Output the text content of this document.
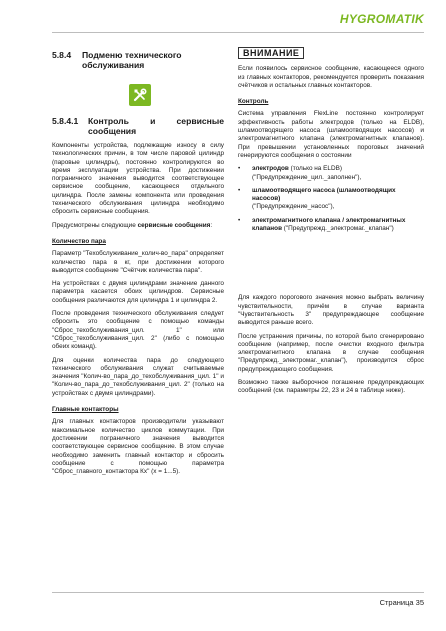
HYGROMATIK
5.8.4	Подменю технического обслуживания
5.8.4.1	Контроль и сервисные сообщения

Компоненты устройства, подлежащие износу в силу технологических причин, в том числе паровой цилиндр (паровые цилиндры), постоянно контролируются во время эксплуатации устройства. При достижении пограничного значения выводится соответствующее сервисное сообщение, касающееся отдельного цилиндра. После замены компонента или проведения технического обслуживания цилиндра необходимо сбросить сервисные сообщения.

Предусмотрены следующие сервисные сообщения:

Количество пара

Параметр "Техобслуживание_колич-во_пара" определяет количество пара в кг, при достижении которого выводится сообщение "Счётчик количества пара".

На устройствах с двумя цилиндрами значение данного параметра касается обоих цилиндров. Сервисные сообщения различаются для цилиндра 1 и цилиндра 2.

После проведения технического обслуживания следует сбросить это сообщение с помощью команды "Сброс_техобслуживания_цил. 1" или "Сброс_техобслуживания_цил. 2" (либо с помощью обеих команд).

Для оценки количества пара до следующего технического обслуживания служат считываемые значения "Колич-во_пара_до_техобслуживания_цил. 1" и "Колич-во_пара_до_техобслуживания_цил. 2" (только на устройствах с двумя цилиндрами).

Главные контакторы

Для главных контакторов производители указывают максимальное количество циклов коммутации. При достижении пограничного значения выводится соответствующее сервисное сообщение. В этом случае необходимо заменить главный контактор и сбросить сообщение с помощью параметра "Сброс_главного_контактора Кх" (х = 1...5).

ВНИМАНИЕ

Если появилось сервисное сообщение, касающееся одного из главных контакторов, рекомендуется проверить показания счётчиков и остальных главных контакторов.

Контроль

Система управления FlexLine постоянно контролирует эффективность работы электродов (только на ELDB), шламоотводящего насоса (шламоотводящих насосов) и электромагнитного клапана (электромагнитных клапанов). При превышении установленных пороговых значений генерируются сообщения о состоянии

• электродов (только на ELDB)
("Предупреждение_цил._заполнен"),
• шламоотводящего насоса (шламоотводящих насосов)
("Предупреждение_насос"),
• электромагнитного клапана / электромагнитных клапанов ("Предупрежд._электромаг._клапан")

Для каждого порогового значения можно выбрать величину чувствительности, причём в случае варианта "Чувствительность 3" предупреждающее сообщение выводится раньше всего.

После устранения причины, по которой было сгенерировано сообщение (например, после очистки входного фильтра электромагнитного клапана в случае сообщения "Предупрежд._электромаг._клапан"), производится сброс предупреждающего сообщения.

Возможно также выборочное погашение предупреждающих сообщений (см. параметры 22, 23 и 24 в таблице ниже).

Страница 35
